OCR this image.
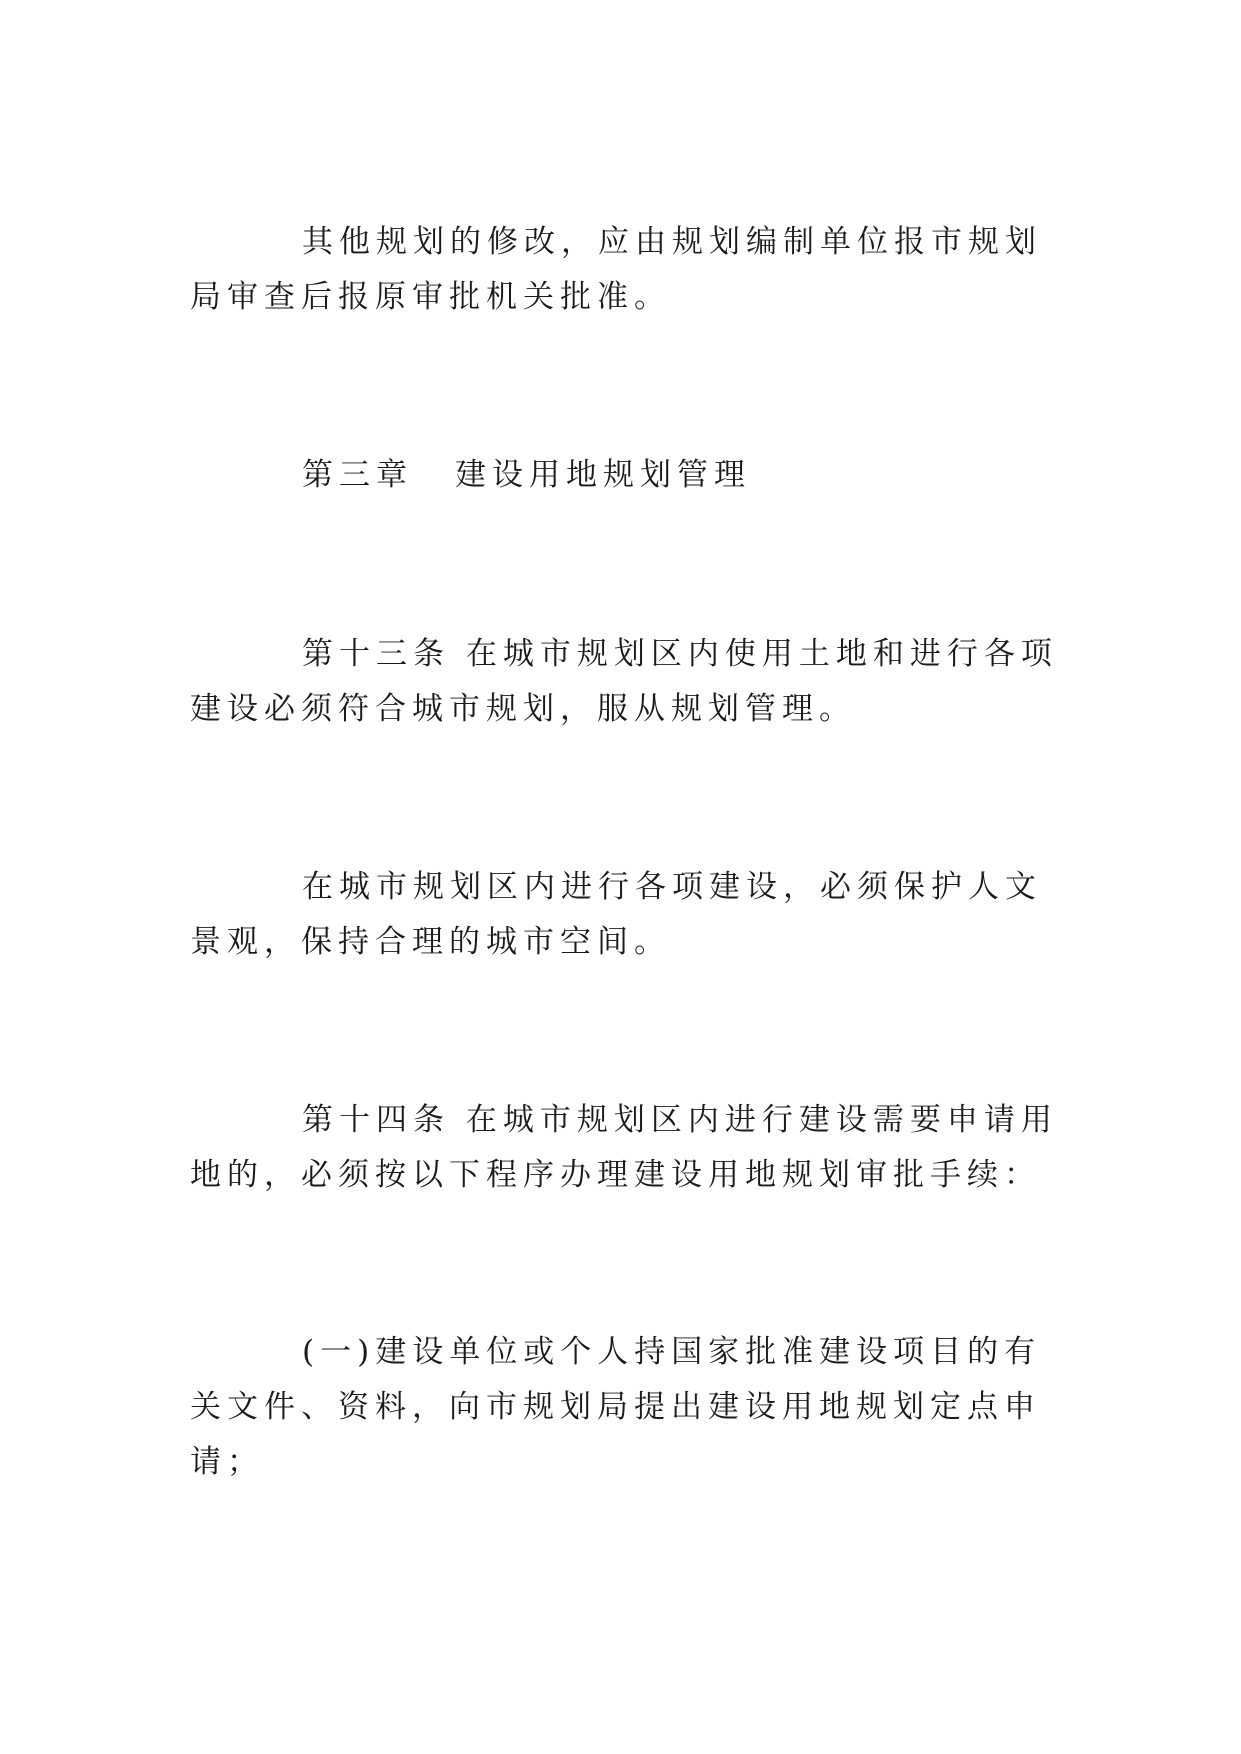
其他规划的修改，应由规划编制单位报市规划局审查后报原审批机关批准。

第三章 建设用地规划管理

第十三条 在城市规划区内使用土地和进行各项建设必须符合城市规划，服从规划管理。

在城市规划区内进行各项建设，必须保护人文景观，保持合理的城市空间。

第十四条 在城市规划区内进行建设需要申请用地的，必须按以下程序办理建设用地规划审批手续：

(一)建设单位或个人持国家批准建设项目的有关文件、资料，向市规划局提出建设用地规划定点申请；
